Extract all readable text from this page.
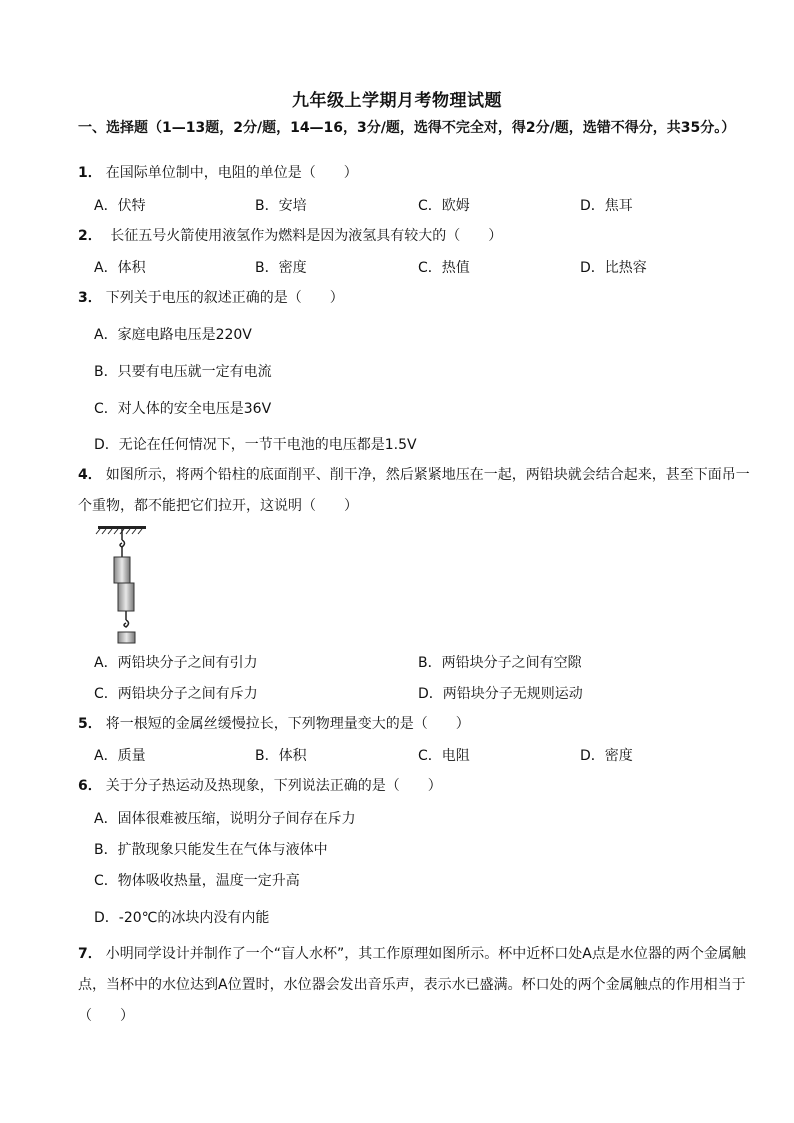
九年级上学期月考物理试题
一、选择题（1—13题，2分/题，14—16，3分/题，选得不完全对，得2分/题，选错不得分，共35分。）
1． 在国际单位制中，电阻的单位是（　　）
A．伏特	B．安培	C．欧姆	D．焦耳
2． 长征五号火箭使用液氢作为燃料是因为液氢具有较大的（　　）
A．体积	B．密度	C．热值	D．比热容
3． 下列关于电压的叙述正确的是（　　）
A．家庭电路电压是220V
B．只要有电压就一定有电流
C．对人体的安全电压是36V
D．无论在任何情况下，一节干电池的电压都是1.5V
4． 如图所示，将两个铅柱的底面削平、削干净，然后紧紧地压在一起，两铅块就会结合起来，甚至下面吊一个重物，都不能把它们拉开，这说明（　　）
A．两铅块分子之间有引力	B．两铅块分子之间有空隙
C．两铅块分子之间有斥力	D．两铅块分子无规则运动
5． 将一根短的金属丝缓慢拉长，下列物理量变大的是（　　）
A．质量	B．体积	C．电阻	D．密度
6． 关于分子热运动及热现象，下列说法正确的是（　　）
A．固体很难被压缩，说明分子间存在斥力
B．扩散现象只能发生在气体与液体中
C．物体吸收热量，温度一定升高
D．-20℃的冰块内没有内能
7． 小明同学设计并制作了一个“盲人水杯”，其工作原理如图所示。杯中近杯口处A点是水位器的两个金属触点，当杯中的水位达到A位置时，水位器会发出音乐声，表示水已盛满。杯口处的两个金属触点的作用相当于（　　）
